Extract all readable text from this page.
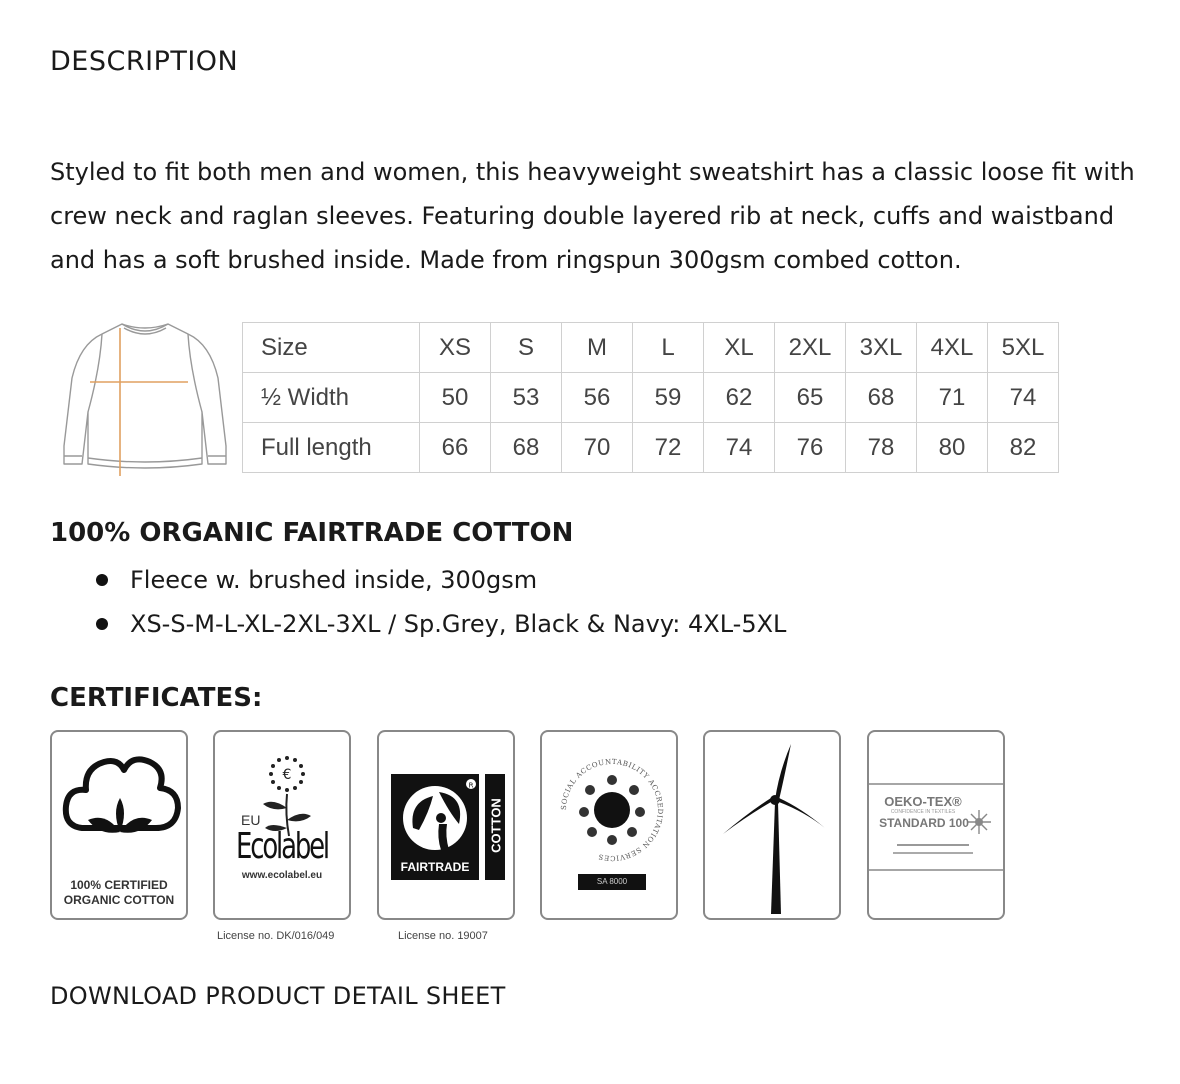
DESCRIPTION

Styled to fit both men and women, this heavyweight sweatshirt has a classic loose fit with crew neck and raglan sleeves. Featuring double layered rib at neck, cuffs and waistband and has a soft brushed inside. Made from ringspun 300gsm combed cotton.

Size	XS	S	M	L	XL	2XL	3XL	4XL	5XL
½ Width	50	53	56	59	62	65	68	71	74
Full length	66	68	70	72	74	76	78	80	82
100% ORGANIC FAIRTRADE COTTON
Fleece w. brushed inside, 300gsm
XS-S-M-L-XL-2XL-3XL / Sp.Grey, Black & Navy: 4XL-5XL
CERTIFICATES:
100% CERTIFIED
ORGANIC COTTON
€
EU
Ecolabel
www.ecolabel.eu
License no. DK/016/049
R
FAIRTRADE
COTTON
License no. 19007
SOCIAL ACCOUNTABILITY ACCREDITATION SERVICES
SA 8000
OEKO-TEX®
CONFIDENCE IN TEXTILES
STANDARD 100
DOWNLOAD PRODUCT DETAIL SHEET
